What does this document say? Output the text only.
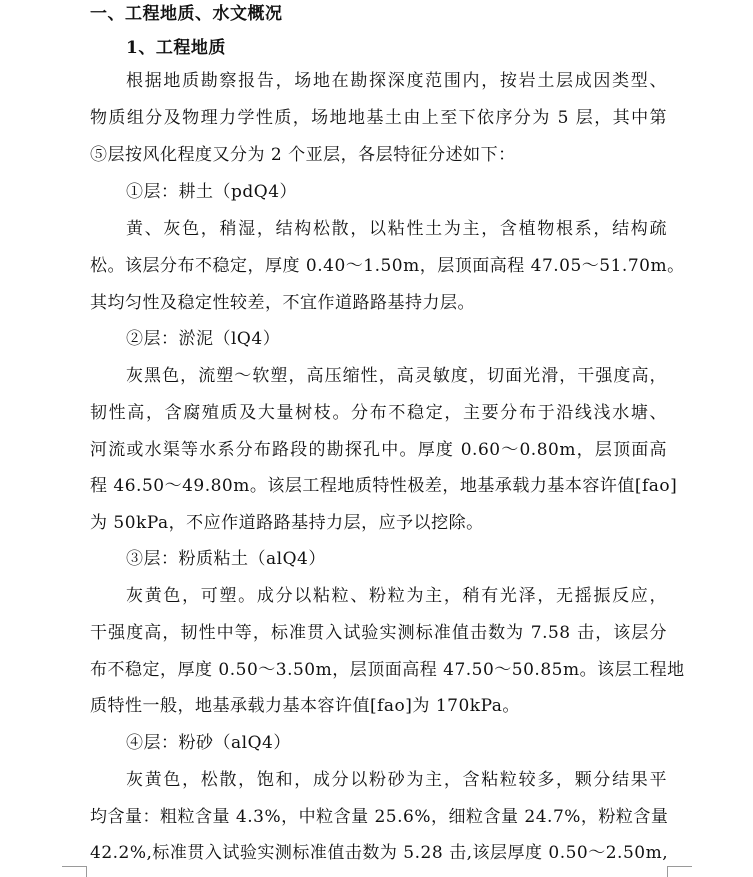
一、工程地质、水文概况
1、工程地质
根据地质勘察报告，场地在勘探深度范围内，按岩土层成因类型、
物质组分及物理力学性质，场地地基土由上至下依序分为 5 层，其中第
⑤层按风化程度又分为 2 个亚层，各层特征分述如下：
①层：耕土（pdQ4）
黄、灰色，稍湿，结构松散，以粘性土为主，含植物根系，结构疏
松。该层分布不稳定，厚度 0.40～1.50m，层顶面高程 47.05～51.70m。
其均匀性及稳定性较差，不宜作道路路基持力层。
②层：淤泥（lQ4）
灰黑色，流塑～软塑，高压缩性，高灵敏度，切面光滑，干强度高，
韧性高，含腐殖质及大量树枝。分布不稳定，主要分布于沿线浅水塘、
河流或水渠等水系分布路段的勘探孔中。厚度 0.60～0.80m，层顶面高
程 46.50～49.80m。该层工程地质特性极差，地基承载力基本容许值[fao]
为 50kPa，不应作道路路基持力层，应予以挖除。
③层：粉质粘土（alQ4）
灰黄色，可塑。成分以粘粒、粉粒为主，稍有光泽，无摇振反应，
干强度高，韧性中等，标准贯入试验实测标准值击数为 7.58 击，该层分
布不稳定，厚度 0.50～3.50m，层顶面高程 47.50～50.85m。该层工程地
质特性一般，地基承载力基本容许值[fao]为 170kPa。
④层：粉砂（alQ4）
灰黄色，松散，饱和，成分以粉砂为主，含粘粒较多，颗分结果平
均含量：粗粒含量 4.3%，中粒含量 25.6%，细粒含量 24.7%，粉粒含量
42.2%,标准贯入试验实测标准值击数为 5.28 击,该层厚度 0.50～2.50m,
